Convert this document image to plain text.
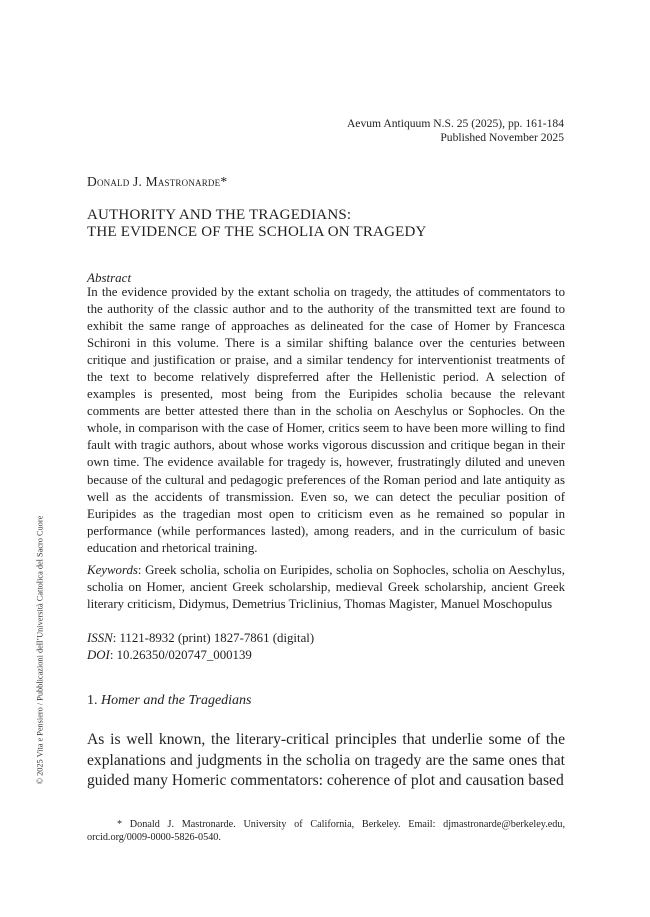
© 2025 Vita e Pensiero / Pubblicazioni dell’Università Cattolica del Sacro Cuore
Aevum Antiquum N.S. 25 (2025), pp. 161-184
Published November 2025
Donald J. Mastronarde*
AUTHORITY AND THE TRAGEDIANS:
THE EVIDENCE OF THE SCHOLIA ON TRAGEDY
Abstract
In the evidence provided by the extant scholia on tragedy, the attitudes of commentators to the authority of the classic author and to the authority of the transmitted text are found to exhibit the same range of approaches as delineated for the case of Homer by Francesca Schironi in this volume. There is a similar shifting balance over the centuries between critique and justification or praise, and a similar tendency for interventionist treatments of the text to become relatively dispreferred after the Hellenistic period. A selection of examples is presented, most being from the Euripides scholia because the relevant comments are better attested there than in the scholia on Aeschylus or Sophocles. On the whole, in comparison with the case of Homer, critics seem to have been more willing to find fault with tragic authors, about whose works vigorous discussion and critique began in their own time. The evidence available for tragedy is, however, frustratingly diluted and uneven because of the cultural and pedagogic preferences of the Roman period and late antiquity as well as the accidents of transmission. Even so, we can detect the peculiar position of Euripides as the tragedian most open to criticism even as he remained so popular in performance (while performances lasted), among readers, and in the curriculum of basic education and rhetorical training.
Keywords: Greek scholia, scholia on Euripides, scholia on Sophocles, scholia on Aeschylus, scholia on Homer, ancient Greek scholarship, medieval Greek scholarship, ancient Greek literary criticism, Didymus, Demetrius Triclinius, Thomas Magister, Manuel Moschopulus
ISSN: 1121-8932 (print) 1827-7861 (digital)
DOI: 10.26350/020747_000139
1. Homer and the Tragedians
As is well known, the literary-critical principles that underlie some of the explanations and judgments in the scholia on tragedy are the same ones that guided many Homeric commentators: coherence of plot and causation based
* Donald J. Mastronarde. University of California, Berkeley. Email: djmastronarde@berkeley.edu, orcid.org/0009-0000-5826-0540.
